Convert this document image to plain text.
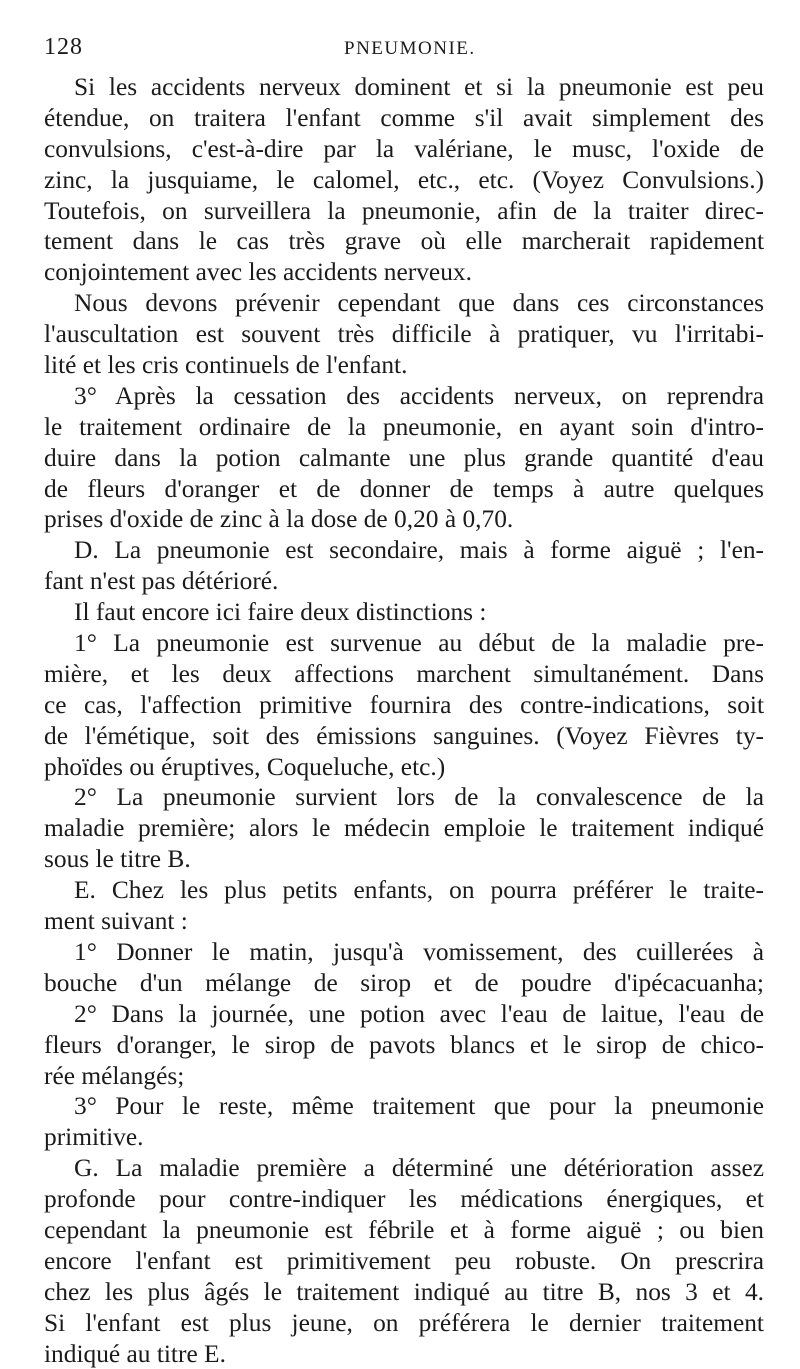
128	PNEUMONIE.
Si les accidents nerveux dominent et si la pneumonie est peu
étendue, on traitera l'enfant comme s'il avait simplement des
convulsions, c'est-à-dire par la valériane, le musc, l'oxide de
zinc, la jusquiame, le calomel, etc., etc. (Voyez Convulsions.)
Toutefois, on surveillera la pneumonie, afin de la traiter direc-
tement dans le cas très grave où elle marcherait rapidement
conjointement avec les accidents nerveux.
Nous devons prévenir cependant que dans ces circonstances
l'auscultation est souvent très difficile à pratiquer, vu l'irritabi-
lité et les cris continuels de l'enfant.
3° Après la cessation des accidents nerveux, on reprendra
le traitement ordinaire de la pneumonie, en ayant soin d'intro-
duire dans la potion calmante une plus grande quantité d'eau
de fleurs d'oranger et de donner de temps à autre quelques
prises d'oxide de zinc à la dose de 0,20 à 0,70.
D. La pneumonie est secondaire, mais à forme aiguë ; l'en-
fant n'est pas détérioré.
Il faut encore ici faire deux distinctions :
1° La pneumonie est survenue au début de la maladie pre-
mière, et les deux affections marchent simultanément. Dans
ce cas, l'affection primitive fournira des contre-indications, soit
de l'émétique, soit des émissions sanguines. (Voyez Fièvres ty-
phoïdes ou éruptives, Coqueluche, etc.)
2° La pneumonie survient lors de la convalescence de la
maladie première; alors le médecin emploie le traitement indiqué
sous le titre B.
E. Chez les plus petits enfants, on pourra préférer le traite-
ment suivant :
1° Donner le matin, jusqu'à vomissement, des cuillerées à
bouche d'un mélange de sirop et de poudre d'ipécacuanha;
2° Dans la journée, une potion avec l'eau de laitue, l'eau de
fleurs d'oranger, le sirop de pavots blancs et le sirop de chico-
rée mélangés;
3° Pour le reste, même traitement que pour la pneumonie
primitive.
G. La maladie première a déterminé une détérioration assez
profonde pour contre-indiquer les médications énergiques, et
cependant la pneumonie est fébrile et à forme aiguë ; ou bien
encore l'enfant est primitivement peu robuste. On prescrira
chez les plus âgés le traitement indiqué au titre B, nos 3 et 4.
Si l'enfant est plus jeune, on préférera le dernier traitement
indiqué au titre E.
